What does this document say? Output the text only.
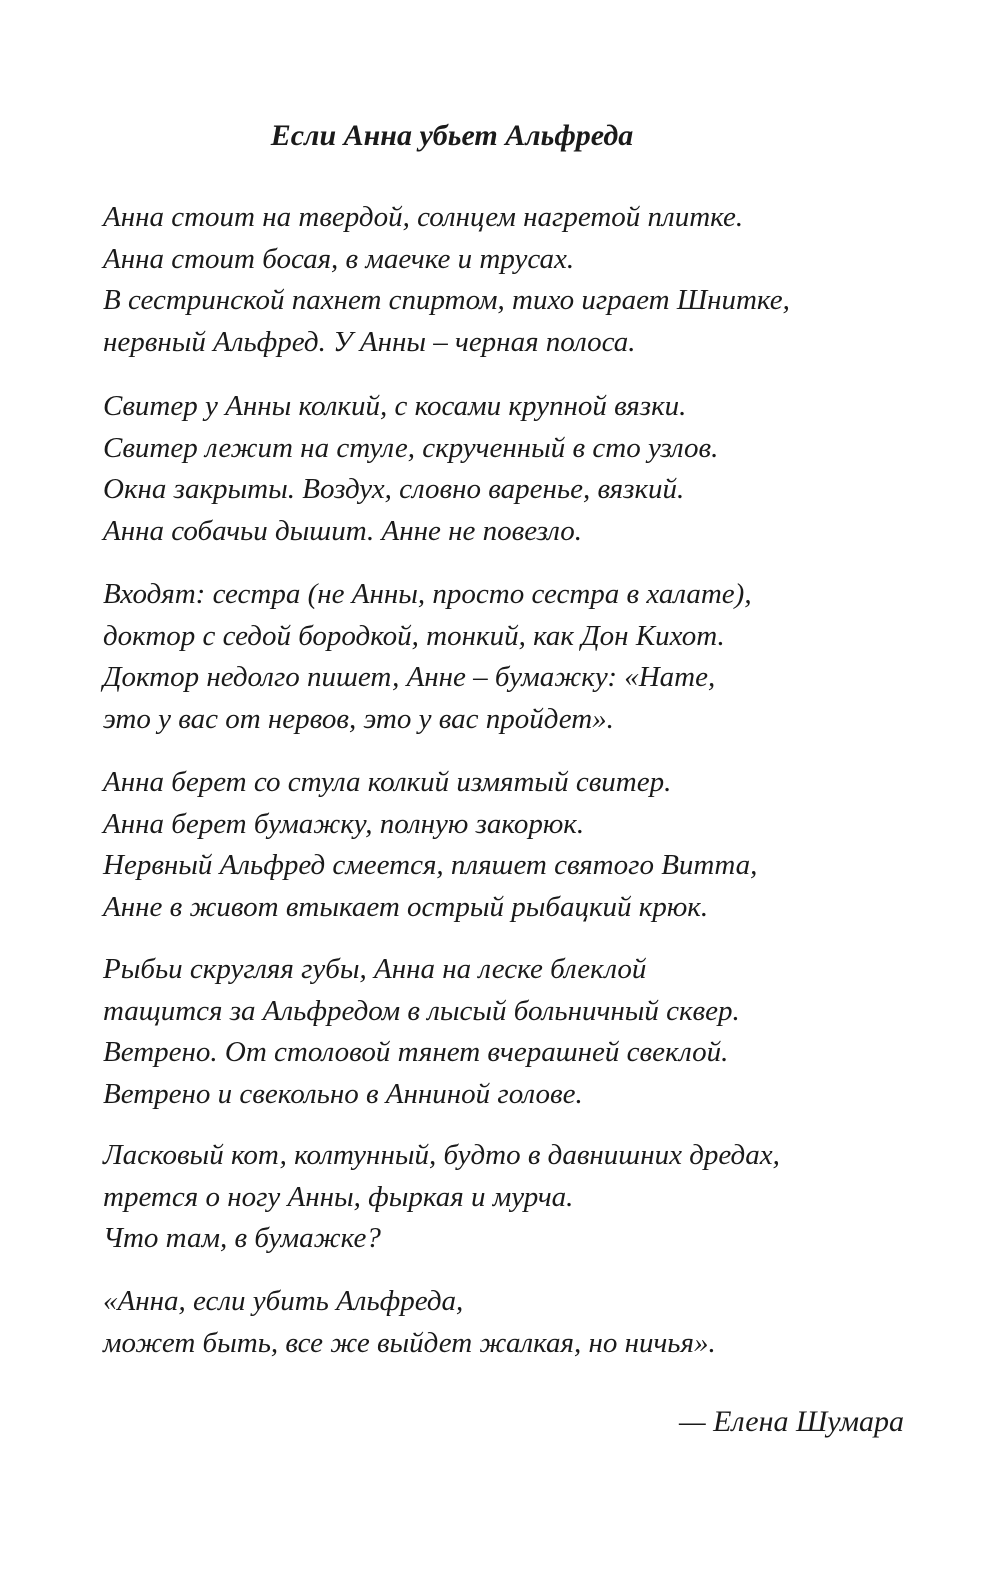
Если Анна убьет Альфреда
Анна стоит на твердой, солнцем нагретой плитке.
Анна стоит босая, в маечке и трусах.
В сестринской пахнет спиртом, тихо играет Шнитке,
нервный Альфред. У Анны – черная полоса.
Свитер у Анны колкий, с косами крупной вязки.
Свитер лежит на стуле, скрученный в сто узлов.
Окна закрыты. Воздух, словно варенье, вязкий.
Анна собачьи дышит. Анне не повезло.
Входят: сестра (не Анны, просто сестра в халате),
доктор с седой бородкой, тонкий, как Дон Кихот.
Доктор недолго пишет, Анне – бумажку: «Нате,
это у вас от нервов, это у вас пройдет».
Анна берет со стула колкий измятый свитер.
Анна берет бумажку, полную закорюк.
Нервный Альфред смеется, пляшет святого Витта,
Анне в живот втыкает острый рыбацкий крюк.
Рыбьи скругляя губы, Анна на леске блеклой
тащится за Альфредом в лысый больничный сквер.
Ветрено. От столовой тянет вчерашней свеклой.
Ветрено и свекольно в Анниной голове.
Ласковый кот, колтунный, будто в давнишних дредах,
трется о ногу Анны, фыркая и мурча.
Что там, в бумажке?
«Анна, если убить Альфреда,
может быть, все же выйдет жалкая, но ничья».
— Елена Шумара
